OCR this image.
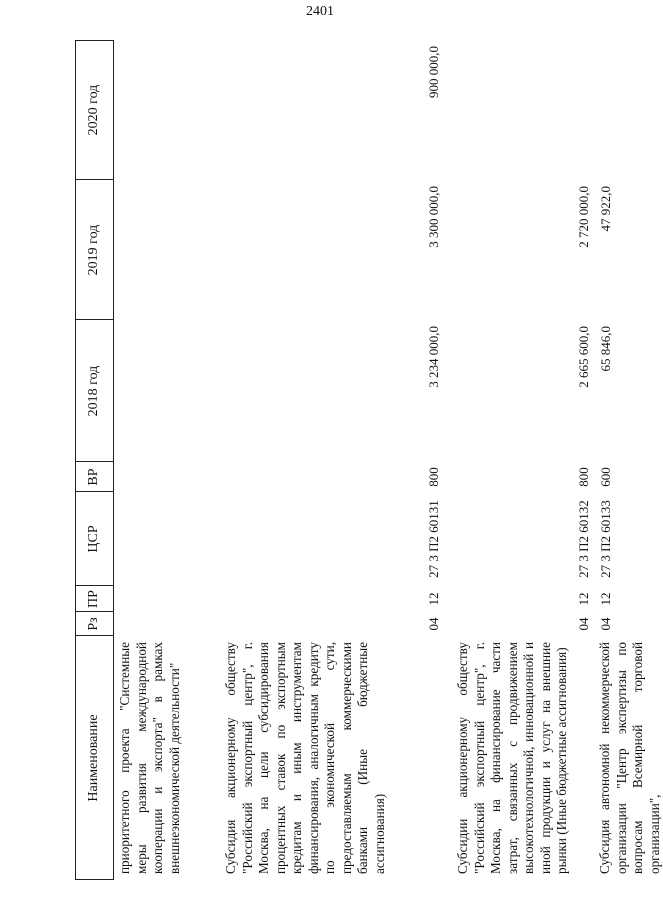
2401
Наименование
Рз
ПР
ЦСР
ВР
2018 год
2019 год
2020 год
приоритетного проекта "Системные меры развития международной кооперации и экспорта" в рамках внешнеэкономической деятельности"	Субсидия акционерному обществу "Российский экспортный центр", г. Москва, на цели субсидирования процентных ставок по экспортным кредитам и иным инструментам финансирования, аналогичным кредиту по экономической сути, предоставляемым коммерческими банками (Иные бюджетные ассигнования)
04
12
27 3 П2 60131
800
3 234 000,0
3 300 000,0
900 000,0
Субсидии акционерному обществу "Российский экспортный центр", г. Москва, на финансирование части затрат, связанных с продвижением высокотехнологичной, инновационной и иной продукции и услуг на внешние рынки (Иные бюджетные ассигнования)
04
12
27 3 П2 60132
800
2 665 600,0
2 720 000,0
Субсидия автономной некоммерческой организации "Центр экспертизы по вопросам Всемирной торговой организации",
04
12
27 3 П2 60133
600
65 846,0
47 922,0
